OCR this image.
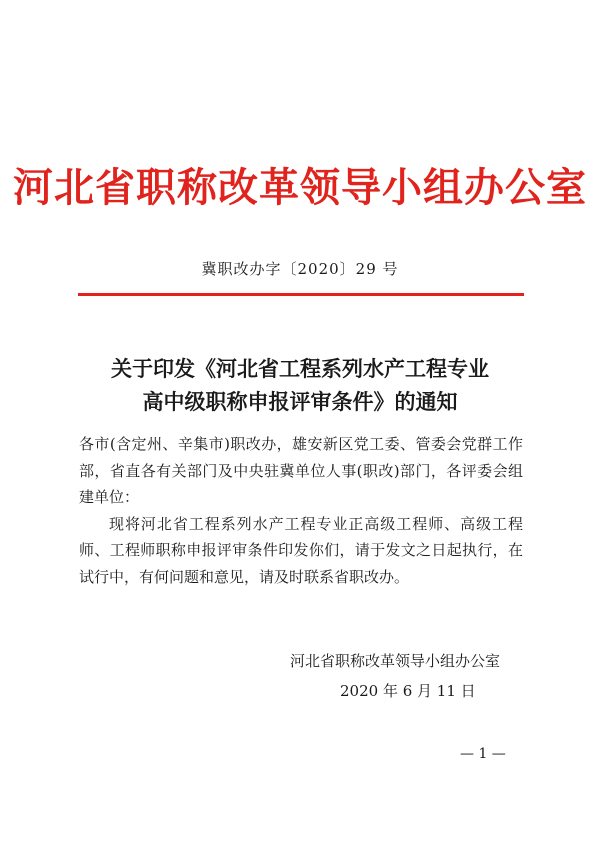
河北省职称改革领导小组办公室
冀职改办字〔2020〕29 号
关于印发《河北省工程系列水产工程专业
高中级职称申报评审条件》的通知

各市(含定州、辛集市)职改办，雄安新区党工委、管委会党群工作部，省直各有关部门及中央驻冀单位人事(职改)部门，各评委会组建单位：

现将河北省工程系列水产工程专业正高级工程师、高级工程师、工程师职称申报评审条件印发你们，请于发文之日起执行，在试行中，有何问题和意见，请及时联系省职改办。

河北省职称改革领导小组办公室
2020 年 6 月 11 日
— 1 —
